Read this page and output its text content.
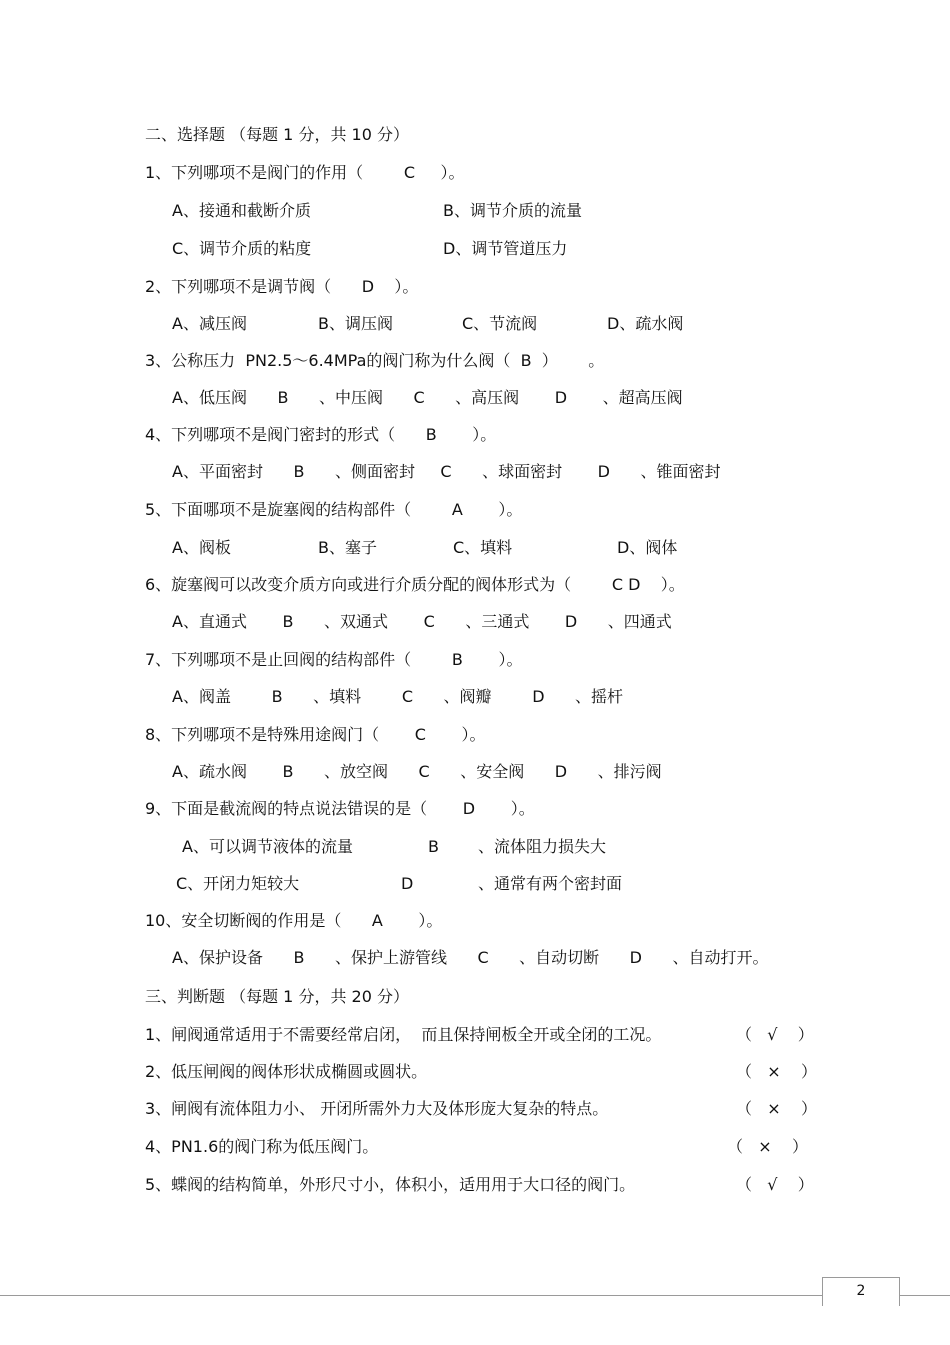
二、选择题 （每题 1 分，共 10 分）
1、下列哪项不是阀门的作用（        C     ）。
A、接通和截断介质	B、调节介质的流量
C、调节介质的粘度	D、调节管道压力
2、下列哪项不是调节阀（      D    ）。
A、减压阀	B、调压阀	C、节流阀	D、疏水阀
3、公称压力  PN2.5～6.4MPa的阀门称为什么阀（  B  ）      。
A、低压阀      B      、中压阀      C      、高压阀       D       、超高压阀
4、下列哪项不是阀门密封的形式（      B       ）。
A、平面密封      B      、侧面密封     C      、球面密封       D      、锥面密封
5、下面哪项不是旋塞阀的结构部件（        A       ）。
A、阀板	B、塞子	C、填料	D、阀体
6、旋塞阀可以改变介质方向或进行介质分配的阀体形式为（        C D    ）。
A、直通式       B      、双通式       C      、三通式       D      、四通式
7、下列哪项不是止回阀的结构部件（        B       ）。
A、阀盖        B      、填料        C      、阀瓣        D      、摇杆
8、下列哪项不是特殊用途阀门（       C       ）。
A、疏水阀       B      、放空阀      C      、安全阀      D      、排污阀
9、下面是截流阀的特点说法错误的是（       D       ）。
A、可以调节液体的流量	B 、流体阻力损失大
C、开闭力矩较大	D	、通常有两个密封面
10、安全切断阀的作用是（      A       ）。
A、保护设备      B      、保护上游管线      C      、自动切断      D      、自动打开。
三、判断题 （每题 1 分，共 20 分）
1、闸阀通常适用于不需要经常启闭，  而且保持闸板全开或全闭的工况。	（   √    ）
2、低压闸阀的阀体形状成椭圆或圆状。	（   ×    ）
3、闸阀有流体阻力小、 开闭所需外力大及体形庞大复杂的特点。	（   ×    ）
4、PN1.6的阀门称为低压阀门。	（   ×    ）
5、蝶阀的结构简单，外形尺寸小，体积小，适用用于大口径的阀门。	（   √    ）
2
